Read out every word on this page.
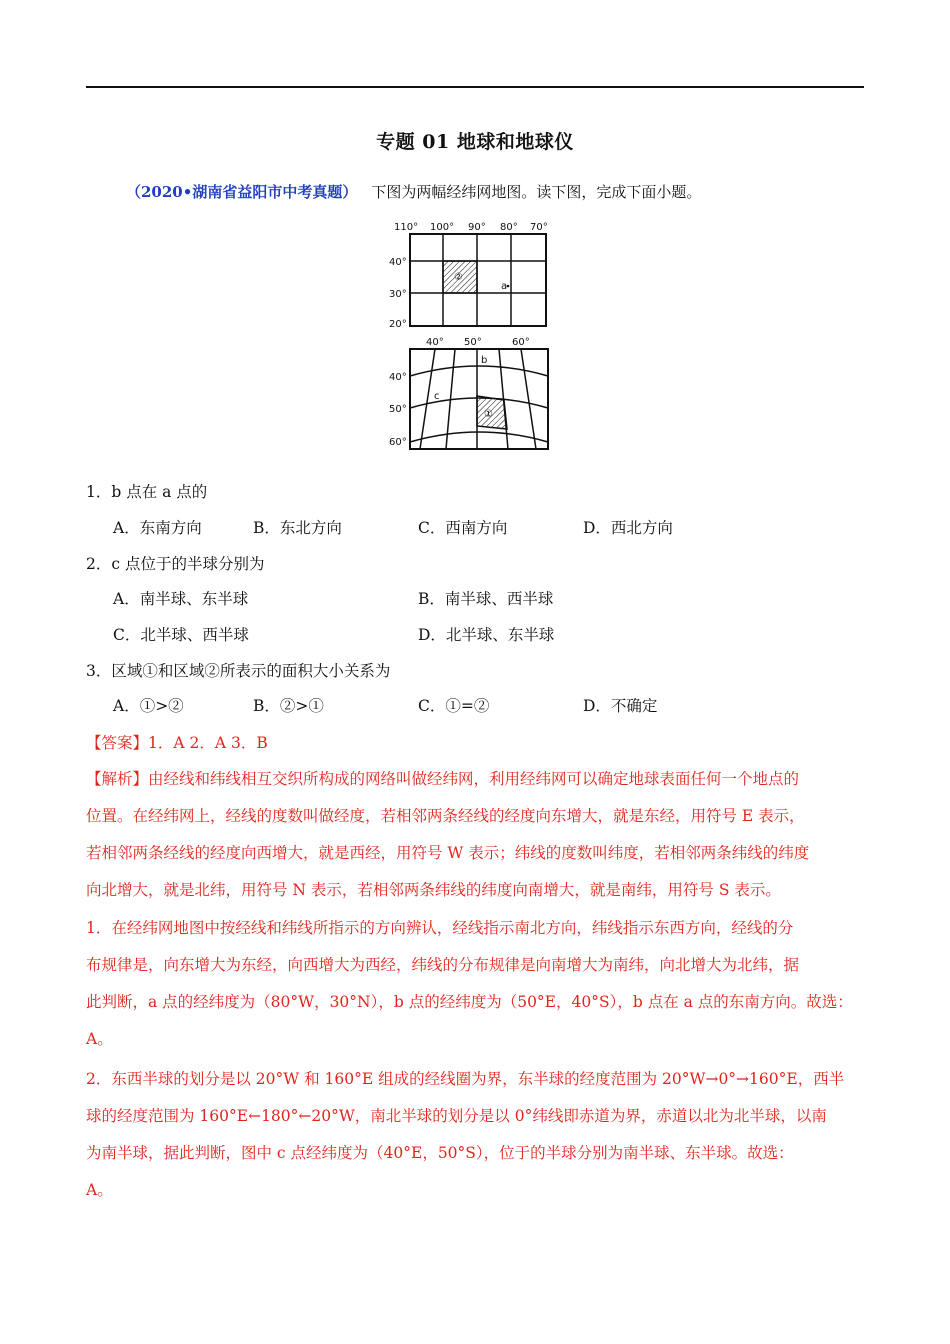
专题 01 地球和地球仪
（2020•湖南省益阳市中考真题） 下图为两幅经纬网地图。读下图，完成下面小题。
110° 100° 90° 80° 70°
②
a
40°
30°
20°
40° 50°	60°
①
b
c
40°
50°
60°
1．b 点在 a 点的
A．东南方向	B．东北方向	C．西南方向	D．西北方向
2．c 点位于的半球分别为
A．南半球、东半球	B．南半球、西半球
C．北半球、西半球	D．北半球、东半球
3．区域①和区域②所表示的面积大小关系为
A．①>②	B．②>①	C．①=②	D．不确定
【答案】1．A 2．A 3．B
【解析】由经线和纬线相互交织所构成的网络叫做经纬网，利用经纬网可以确定地球表面任何一个地点的
位置。在经纬网上，经线的度数叫做经度，若相邻两条经线的经度向东增大，就是东经，用符号 E 表示，
若相邻两条经线的经度向西增大，就是西经，用符号 W 表示；纬线的度数叫纬度，若相邻两条纬线的纬度
向北增大，就是北纬，用符号 N 表示，若相邻两条纬线的纬度向南增大，就是南纬，用符号 S 表示。
1．在经纬网地图中按经线和纬线所指示的方向辨认，经线指示南北方向，纬线指示东西方向，经线的分
布规律是，向东增大为东经，向西增大为西经，纬线的分布规律是向南增大为南纬，向北增大为北纬，据
此判断，a 点的经纬度为（80°W，30°N），b 点的经纬度为（50°E，40°S），b 点在 a 点的东南方向。故选：
A。
2．东西半球的划分是以 20°W 和 160°E 组成的经线圈为界，东半球的经度范围为 20°W→0°→160°E，西半
球的经度范围为 160°E←180°←20°W，南北半球的划分是以 0°纬线即赤道为界，赤道以北为北半球，以南
为南半球，据此判断，图中 c 点经纬度为（40°E，50°S），位于的半球分别为南半球、东半球。故选：
A。
